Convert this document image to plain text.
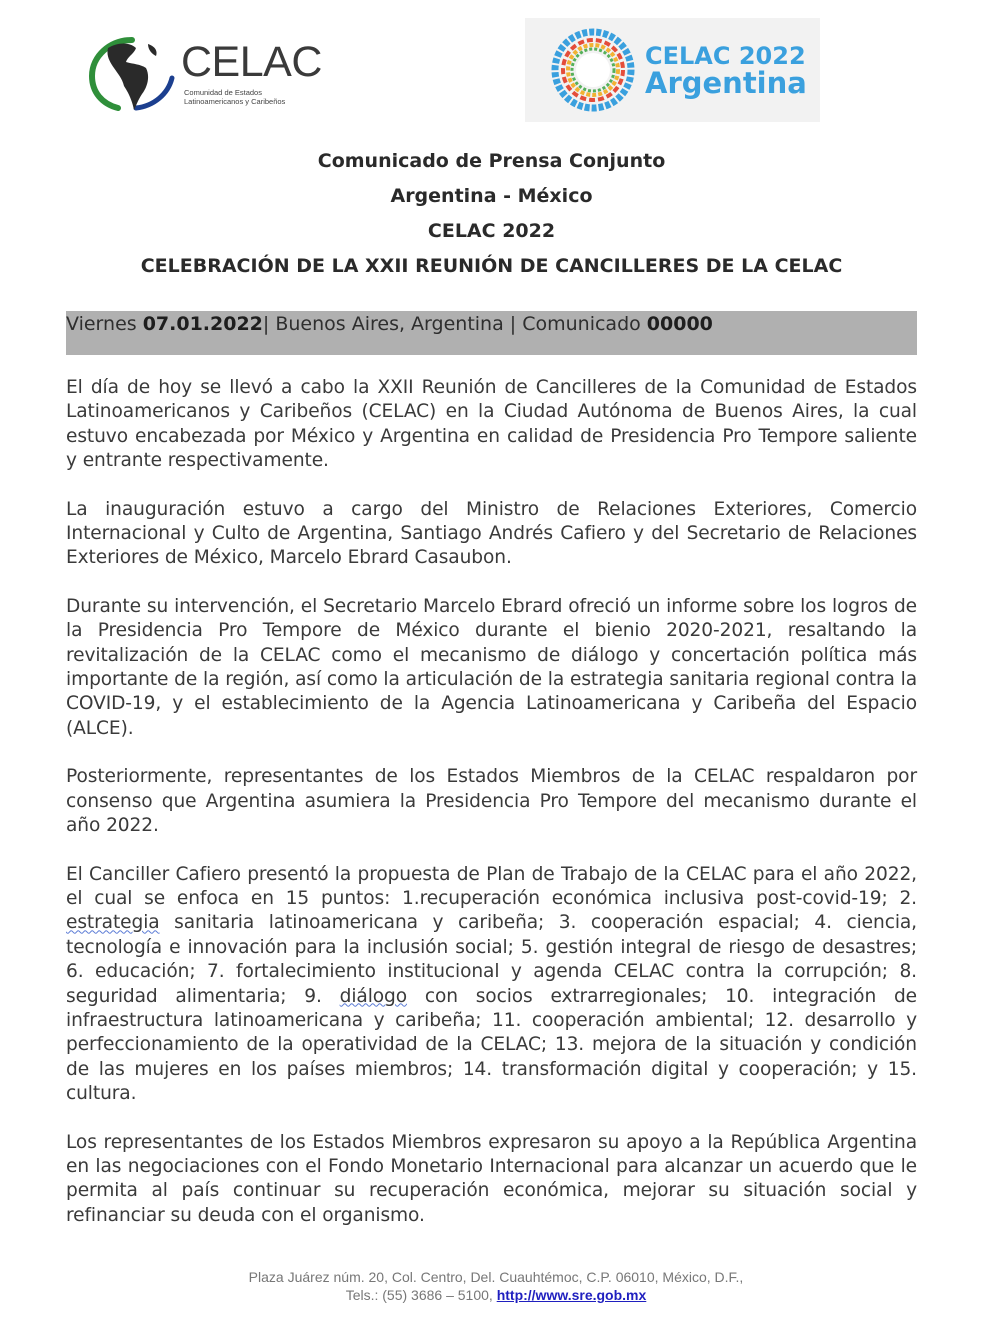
CELAC
Comunidad de Estados
Latinoamericanos y Caribeños
CELAC 2022
Argentina
Comunicado de Prensa Conjunto
Argentina - México
CELAC 2022
CELEBRACIÓN DE LA XXII REUNIÓN DE CANCILLERES DE LA CELAC
Viernes 07.01.2022| Buenos Aires, Argentina | Comunicado 00000

El día de hoy se llevó a cabo la XXII Reunión de Cancilleres de la Comunidad de Estados Latinoamericanos y Caribeños (CELAC) en la Ciudad Autónoma de Buenos Aires, la cual estuvo encabezada por México y Argentina en calidad de Presidencia Pro Tempore saliente y entrante respectivamente.

La inauguración estuvo a cargo del Ministro de Relaciones Exteriores, Comercio Internacional y Culto de Argentina, Santiago Andrés Cafiero y del Secretario de Relaciones Exteriores de México, Marcelo Ebrard Casaubon.

Durante su intervención, el Secretario Marcelo Ebrard ofreció un informe sobre los logros de la Presidencia Pro Tempore de México durante el bienio 2020-2021, resaltando la revitalización de la CELAC como el mecanismo de diálogo y concertación política más importante de la región, así como la articulación de la estrategia sanitaria regional contra la COVID-19, y el establecimiento de la Agencia Latinoamericana y Caribeña del Espacio (ALCE).

Posteriormente, representantes de los Estados Miembros de la CELAC respaldaron por consenso que Argentina asumiera la Presidencia Pro Tempore del mecanismo durante el año 2022.

El Canciller Cafiero presentó la propuesta de Plan de Trabajo de la CELAC para el año 2022, el cual se enfoca en 15 puntos: 1.recuperación económica inclusiva post-covid-19; 2. estrategia sanitaria latinoamericana y caribeña; 3. cooperación espacial; 4. ciencia, tecnología e innovación para la inclusión social; 5. gestión integral de riesgo de desastres; 6. educación; 7. fortalecimiento institucional y agenda CELAC contra la corrupción; 8. seguridad alimentaria; 9. diálogo con socios extrarregionales; 10. integración de infraestructura latinoamericana y caribeña; 11. cooperación ambiental; 12. desarrollo y perfeccionamiento de la operatividad de la CELAC; 13. mejora de la situación y condición de las mujeres en los países miembros; 14. transformación digital y cooperación; y 15. cultura.

Los representantes de los Estados Miembros expresaron su apoyo a la República Argentina en las negociaciones con el Fondo Monetario Internacional para alcanzar un acuerdo que le permita al país continuar su recuperación económica, mejorar su situación social y refinanciar su deuda con el organismo.

Plaza Juárez núm. 20, Col. Centro, Del. Cuauhtémoc, C.P. 06010, México, D.F.,
Tels.: (55) 3686 – 5100, http://www.sre.gob.mx
